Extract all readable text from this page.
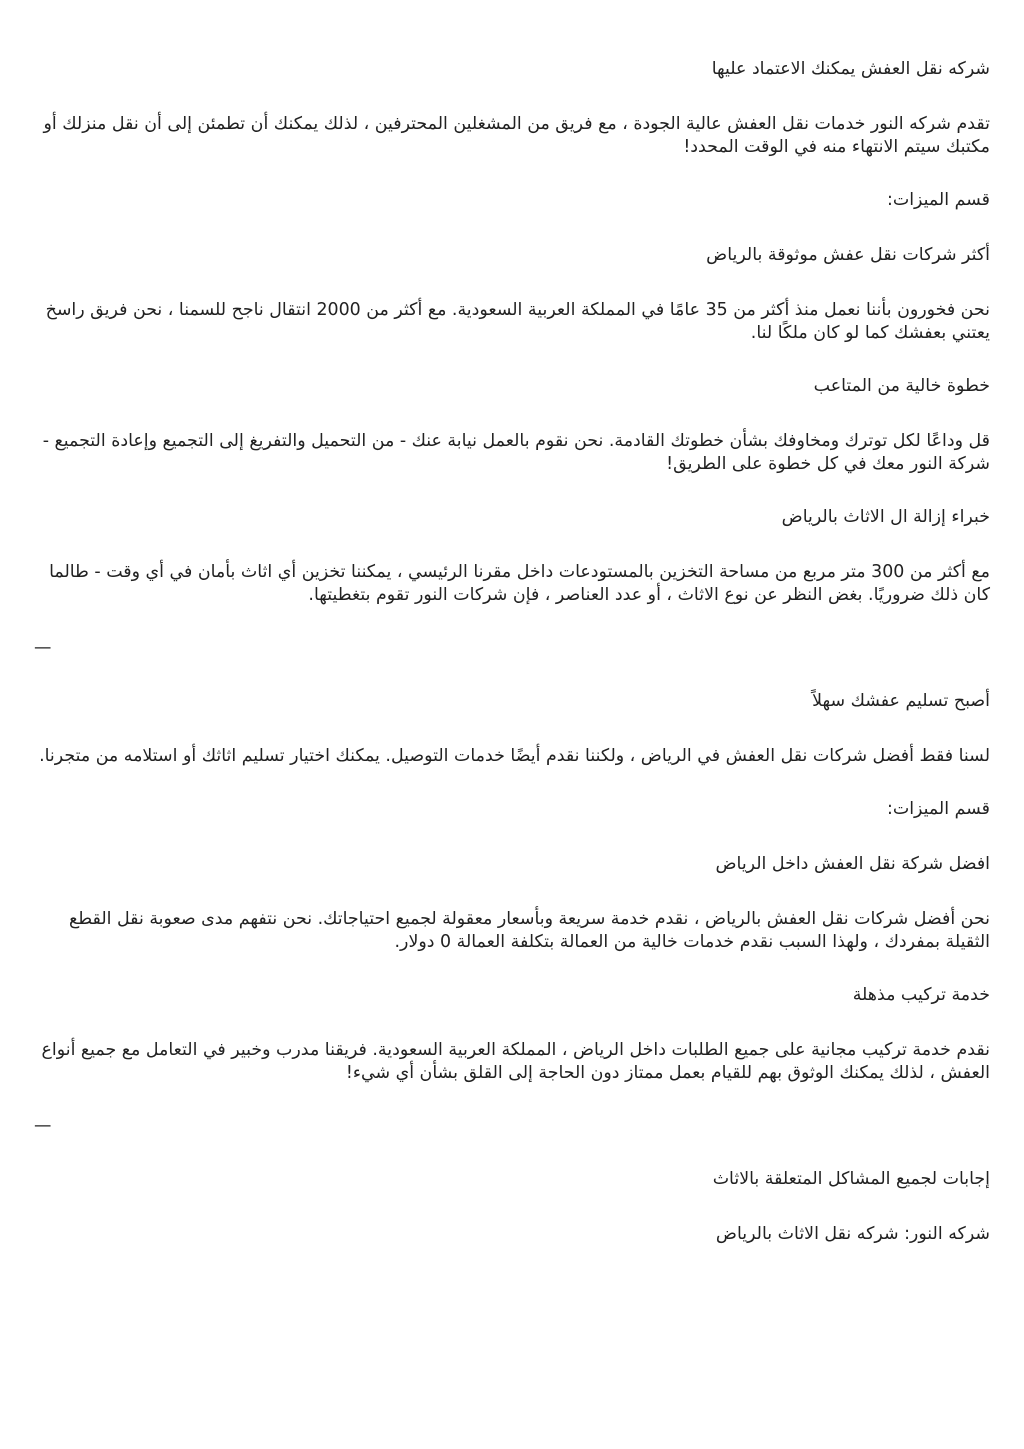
شركه نقل العفش يمكنك الاعتماد عليها

تقدم شركه النور خدمات نقل العفش عالية الجودة ، مع فريق من المشغلين المحترفين ، لذلك يمكنك أن تطمئن إلى أن نقل منزلك أو مكتبك سيتم الانتهاء منه في الوقت المحدد!

قسم الميزات:

أكثر شركات نقل عفش موثوقة بالرياض

نحن فخورون بأننا نعمل منذ أكثر من 35 عامًا في المملكة العربية السعودية. مع أكثر من 2000 انتقال ناجح للسمنا ، نحن فريق راسخ يعتني بعفشك كما لو كان ملكًا لنا.

خطوة خالية من المتاعب

قل وداعًا لكل توترك ومخاوفك بشأن خطوتك القادمة. نحن نقوم بالعمل نيابة عنك - من التحميل والتفريغ إلى التجميع وإعادة التجميع - شركة النور معك في كل خطوة على الطريق!

خبراء إزالة ال الاثاث بالرياض

مع أكثر من 300 متر مربع من مساحة التخزين بالمستودعات داخل مقرنا الرئيسي ، يمكننا تخزين أي اثاث بأمان في أي وقت - طالما كان ذلك ضروريًا. بغض النظر عن نوع الاثاث ، أو عدد العناصر ، فإن شركات النور تقوم بتغطيتها.

—

أصبح تسليم عفشك سهلاً

لسنا فقط أفضل شركات نقل العفش في الرياض ، ولكننا نقدم أيضًا خدمات التوصيل. يمكنك اختيار تسليم اثاثك أو استلامه من متجرنا.

قسم الميزات:

افضل شركة نقل العفش داخل الرياض

نحن أفضل شركات نقل العفش بالرياض ، نقدم خدمة سريعة وبأسعار معقولة لجميع احتياجاتك. نحن نتفهم مدى صعوبة نقل القطع الثقيلة بمفردك ، ولهذا السبب نقدم خدمات خالية من العمالة بتكلفة العمالة 0 دولار.

خدمة تركيب مذهلة

نقدم خدمة تركيب مجانية على جميع الطلبات داخل الرياض ، المملكة العربية السعودية. فريقنا مدرب وخبير في التعامل مع جميع أنواع العفش ، لذلك يمكنك الوثوق بهم للقيام بعمل ممتاز دون الحاجة إلى القلق بشأن أي شيء!

—

إجابات لجميع المشاكل المتعلقة بالاثاث

شركه النور: شركه نقل الاثاث بالرياض
